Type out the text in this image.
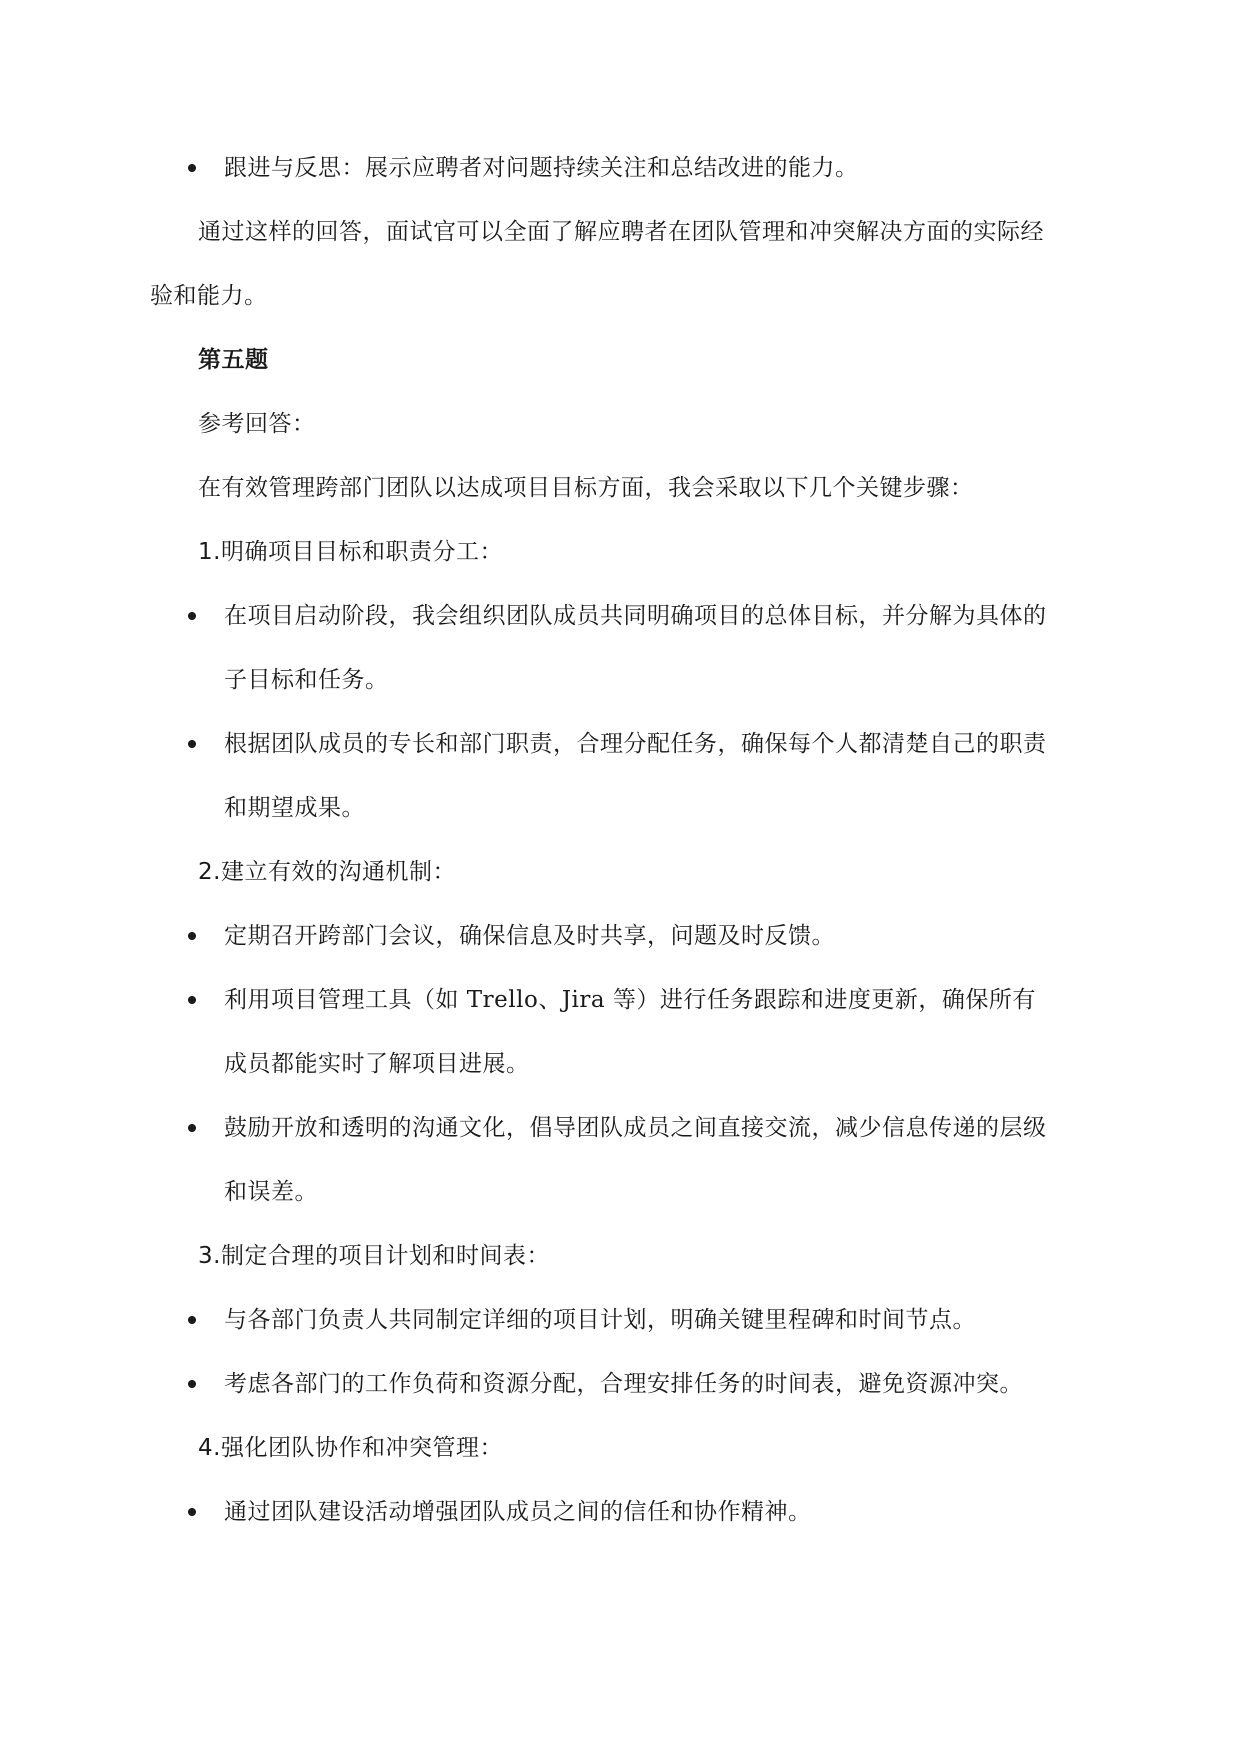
跟进与反思：展示应聘者对问题持续关注和总结改进的能力。
通过这样的回答，面试官可以全面了解应聘者在团队管理和冲突解决方面的实际经
验和能力。
第五题
参考回答：
在有效管理跨部门团队以达成项目目标方面，我会采取以下几个关键步骤：
1.明确项目目标和职责分工：
在项目启动阶段，我会组织团队成员共同明确项目的总体目标，并分解为具体的
子目标和任务。
根据团队成员的专长和部门职责，合理分配任务，确保每个人都清楚自己的职责
和期望成果。
2.建立有效的沟通机制：
定期召开跨部门会议，确保信息及时共享，问题及时反馈。
利用项目管理工具（如 Trello、Jira 等）进行任务跟踪和进度更新，确保所有
成员都能实时了解项目进展。
鼓励开放和透明的沟通文化，倡导团队成员之间直接交流，减少信息传递的层级
和误差。
3.制定合理的项目计划和时间表：
与各部门负责人共同制定详细的项目计划，明确关键里程碑和时间节点。
考虑各部门的工作负荷和资源分配，合理安排任务的时间表，避免资源冲突。
4.强化团队协作和冲突管理：
通过团队建设活动增强团队成员之间的信任和协作精神。
